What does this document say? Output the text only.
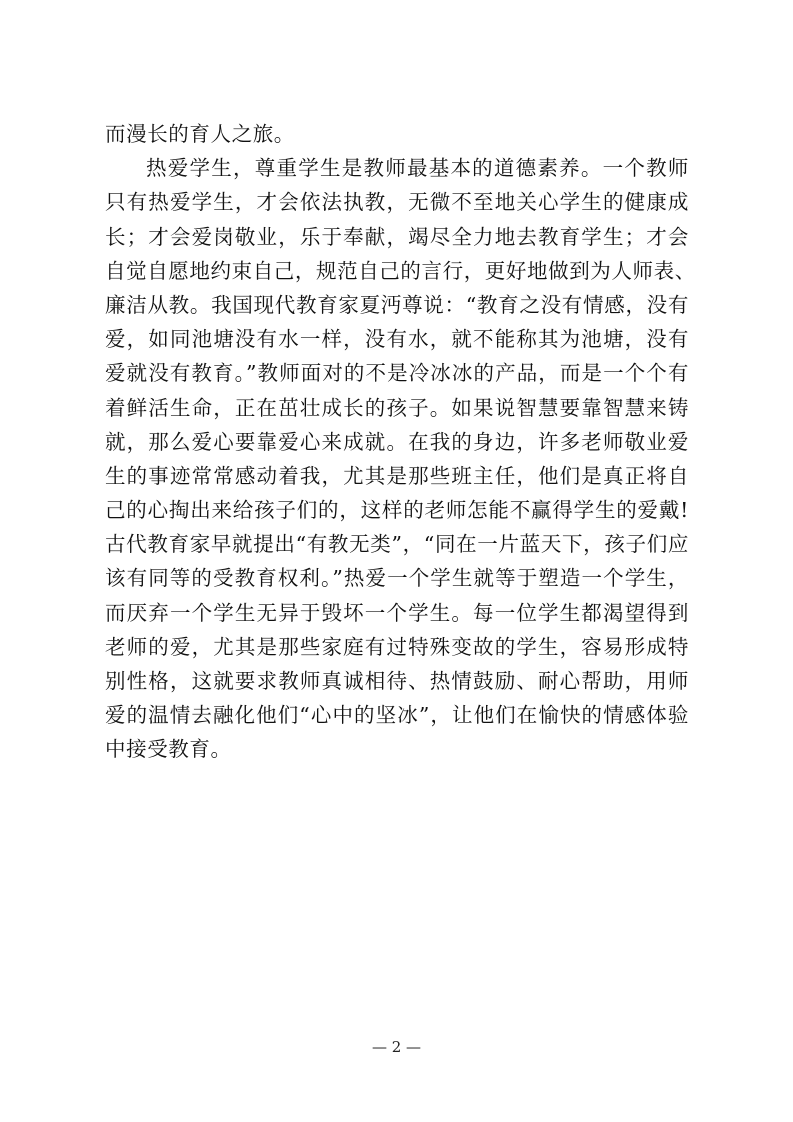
而漫长的育人之旅。
热爱学生，尊重学生是教师最基本的道德素养。一个教师
只有热爱学生，才会依法执教，无微不至地关心学生的健康成
长；才会爱岗敬业，乐于奉献，竭尽全力地去教育学生；才会
自觉自愿地约束自己，规范自己的言行，更好地做到为人师表、
廉洁从教。我国现代教育家夏沔尊说：“教育之没有情感，没有
爱，如同池塘没有水一样，没有水，就不能称其为池塘，没有
爱就没有教育。”教师面对的不是冷冰冰的产品，而是一个个有
着鲜活生命，正在茁壮成长的孩子。如果说智慧要靠智慧来铸
就，那么爱心要靠爱心来成就。在我的身边，许多老师敬业爱
生的事迹常常感动着我，尤其是那些班主任，他们是真正将自
己的心掏出来给孩子们的，这样的老师怎能不赢得学生的爱戴!
古代教育家早就提出“有教无类”，“同在一片蓝天下，孩子们应
该有同等的受教育权利。”热爱一个学生就等于塑造一个学生，
而厌弃一个学生无异于毁坏一个学生。每一位学生都渴望得到
老师的爱，尤其是那些家庭有过特殊变故的学生，容易形成特
别性格，这就要求教师真诚相待、热情鼓励、耐心帮助，用师
爱的温情去融化他们“心中的坚冰”，让他们在愉快的情感体验
中接受教育。
— 2 —
